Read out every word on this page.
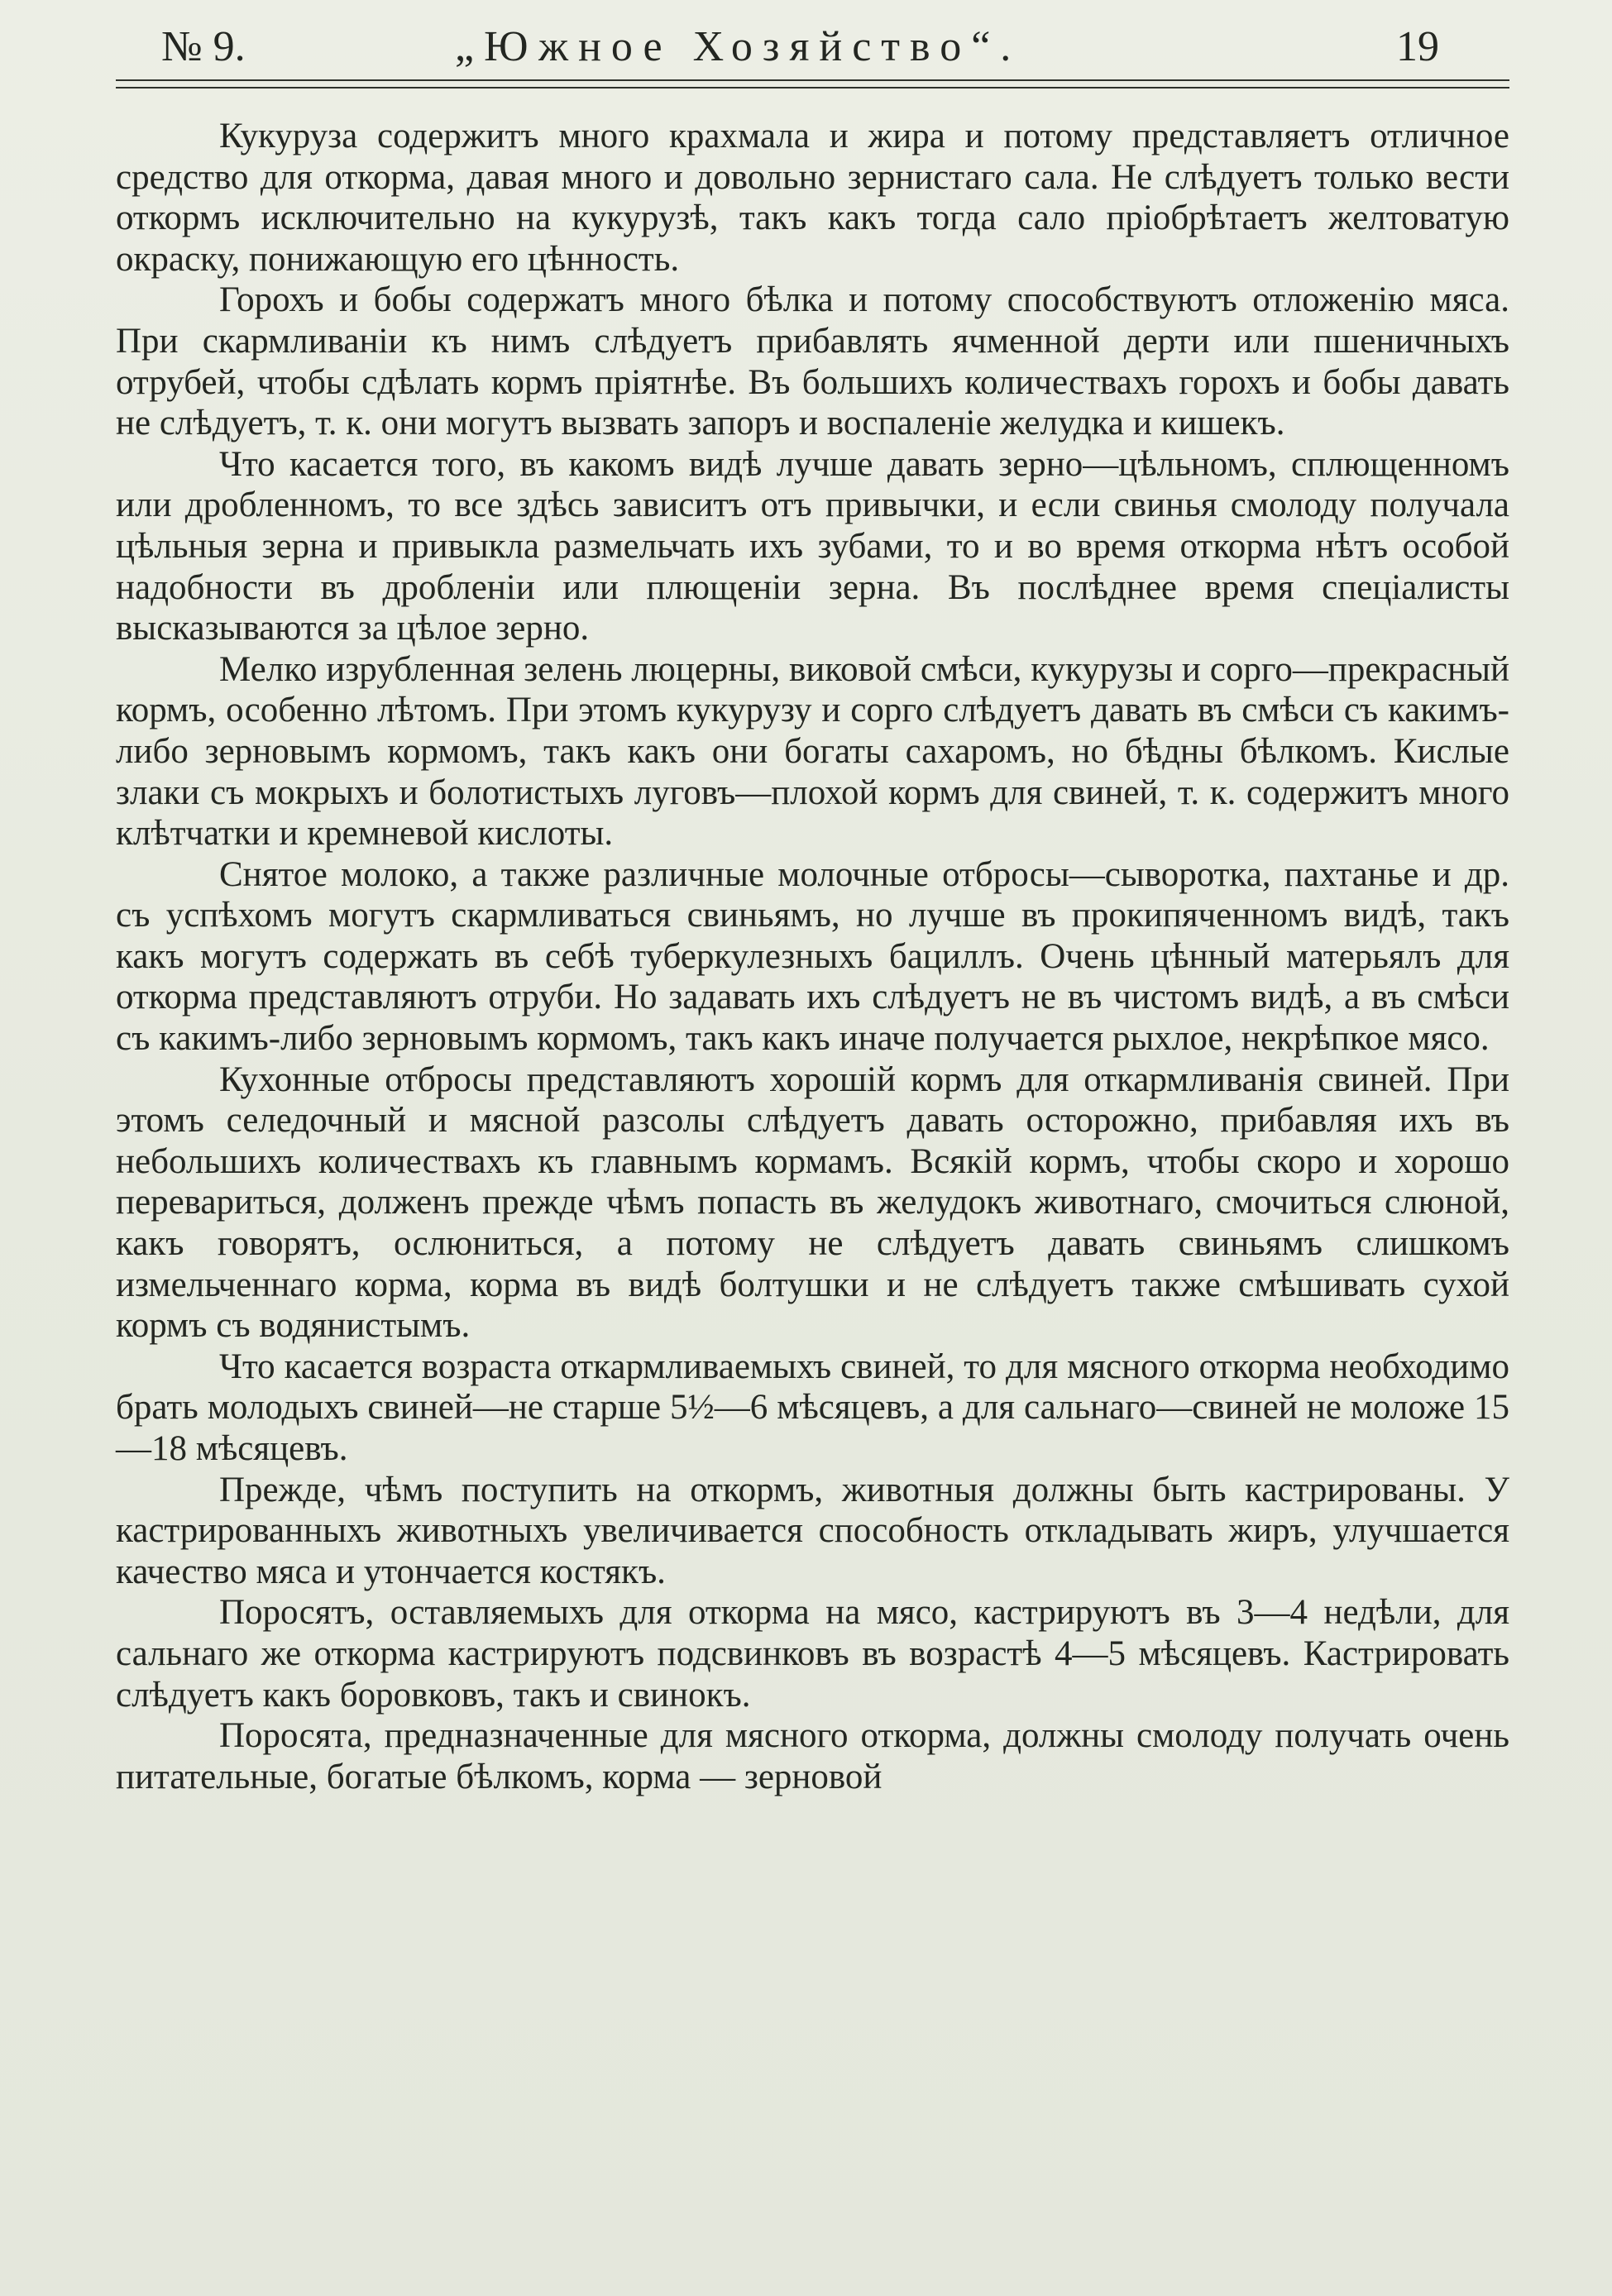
№ 9.	„Южное Хозяйство“.	19

Кукуруза содержитъ много крахмала и жира и потому представляетъ отличное средство для откорма, давая много и довольно зернистаго сала. Не слѣдуетъ только вести откормъ исключительно на кукурузѣ, такъ какъ тогда сало пріобрѣтаетъ желтоватую окраску, понижающую его цѣнность.

Горохъ и бобы содержатъ много бѣлка и потому способствуютъ отложенію мяса. При скармливаніи къ нимъ слѣдуетъ прибавлять ячменной дерти или пшеничныхъ отрубей, чтобы сдѣлать кормъ пріятнѣе. Въ большихъ количествахъ горохъ и бобы давать не слѣдуетъ, т. к. они могутъ вызвать запоръ и воспаленіе желудка и кишекъ.

Что касается того, въ какомъ видѣ лучше давать зерно—цѣльномъ, сплющенномъ или дробленномъ, то все здѣсь зависитъ отъ привычки, и если свинья смолоду получала цѣльныя зерна и привыкла размельчать ихъ зубами, то и во время откорма нѣтъ особой надобности въ дробленіи или плющеніи зерна. Въ послѣднее время спеціалисты высказываются за цѣлое зерно.

Мелко изрубленная зелень люцерны, виковой смѣси, кукурузы и сорго—прекрасный кормъ, особенно лѣтомъ. При этомъ кукурузу и сорго слѣдуетъ давать въ смѣси съ какимъ-либо зерновымъ кормомъ, такъ какъ они богаты сахаромъ, но бѣдны бѣлкомъ. Кислые злаки съ мокрыхъ и болотистыхъ луговъ—плохой кормъ для свиней, т. к. содержитъ много клѣтчатки и кремневой кислоты.

Снятое молоко, а также различные молочные отбросы—сыворотка, пахтанье и др. съ успѣхомъ могутъ скармливаться свиньямъ, но лучше въ прокипяченномъ видѣ, такъ какъ могутъ содержать въ себѣ туберкулезныхъ бациллъ. Очень цѣнный матерьялъ для откорма представляютъ отруби. Но задавать ихъ слѣдуетъ не въ чистомъ видѣ, а въ смѣси съ какимъ-либо зерновымъ кормомъ, такъ какъ иначе получается рыхлое, некрѣпкое мясо.

Кухонные отбросы представляютъ хорошій кормъ для откармливанія свиней. При этомъ селедочный и мясной разсолы слѣдуетъ давать осторожно, прибавляя ихъ въ небольшихъ количествахъ къ главнымъ кормамъ. Всякій кормъ, чтобы скоро и хорошо перевариться, долженъ прежде чѣмъ попасть въ желудокъ животнаго, смочиться слюной, какъ говорятъ, ослюниться, а потому не слѣдуетъ давать свиньямъ слишкомъ измельченнаго корма, корма въ видѣ болтушки и не слѣдуетъ также смѣшивать сухой кормъ съ водянистымъ.

Что касается возраста откармливаемыхъ свиней, то для мясного откорма необходимо брать молодыхъ свиней—не старше 5½—6 мѣсяцевъ, а для сальнаго—свиней не моложе 15—18 мѣсяцевъ.

Прежде, чѣмъ поступить на откормъ, животныя должны быть кастрированы. У кастрированныхъ животныхъ увеличивается способность откладывать жиръ, улучшается качество мяса и утончается костякъ.

Поросятъ, оставляемыхъ для откорма на мясо, кастрируютъ въ 3—4 недѣли, для сальнаго же откорма кастрируютъ подсвинковъ въ возрастѣ 4—5 мѣсяцевъ. Кастрировать слѣдуетъ какъ боровковъ, такъ и свинокъ.

Поросята, предназначенные для мясного откорма, должны смолоду получать очень питательные, богатые бѣлкомъ, корма — зерновой
